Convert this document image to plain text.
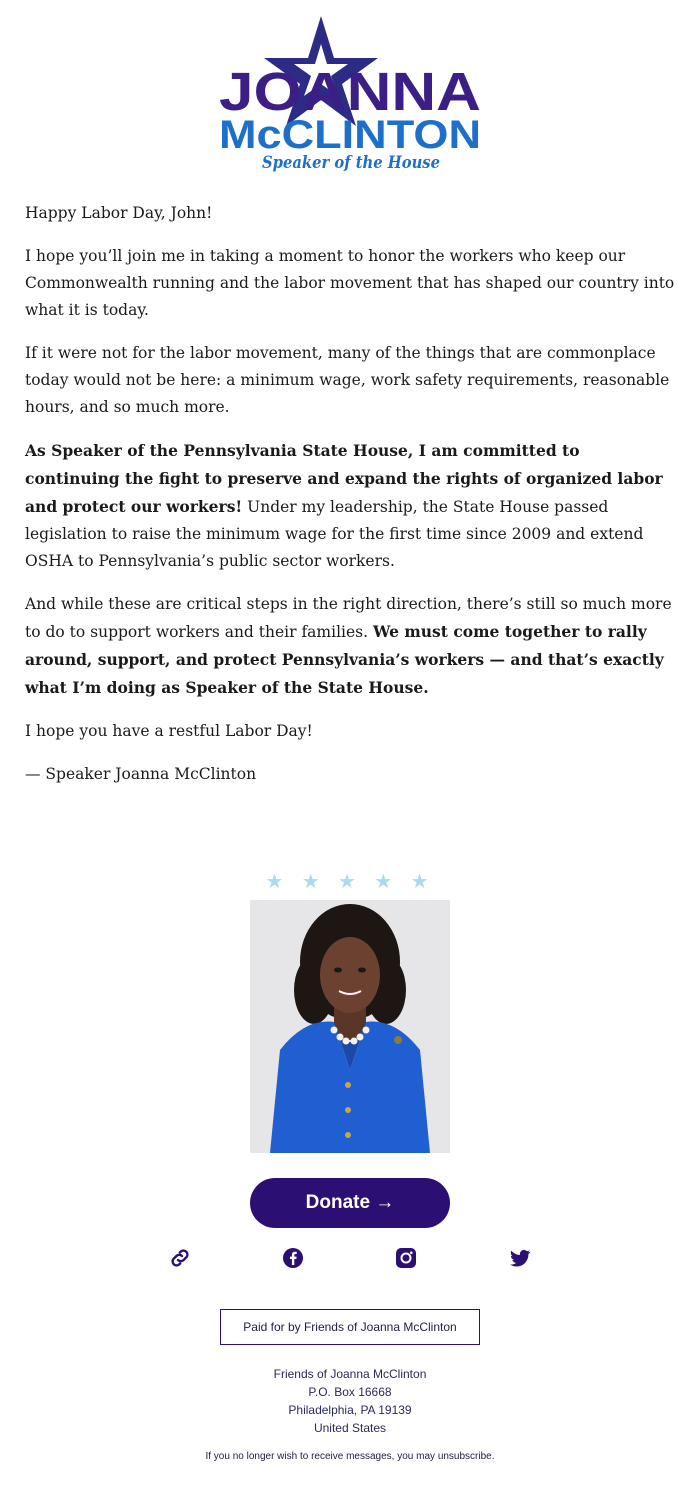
JOANNA
McCLINTON
Speaker of the House

Happy Labor Day, John!

I hope you’ll join me in taking a moment to honor the workers who keep our Commonwealth running and the labor movement that has shaped our country into what it is today.

If it were not for the labor movement, many of the things that are commonplace today would not be here: a minimum wage, work safety requirements, reasonable hours, and so much more.

As Speaker of the Pennsylvania State House, I am committed to continuing the fight to preserve and expand the rights of organized labor and protect our workers! Under my leadership, the State House passed legislation to raise the minimum wage for the first time since 2009 and extend OSHA to Pennsylvania’s public sector workers.

And while these are critical steps in the right direction, there’s still so much more to do to support workers and their families. We must come together to rally around, support, and protect Pennsylvania’s workers — and that’s exactly what I’m doing as Speaker of the State House.

I hope you have a restful Labor Day!

— Speaker Joanna McClinton

★ ★ ★ ★ ★
Donate →
Paid for by Friends of Joanna McClinton
Friends of Joanna McClinton
P.O. Box 16668
Philadelphia, PA 19139
United States
If you no longer wish to receive messages, you may unsubscribe.
